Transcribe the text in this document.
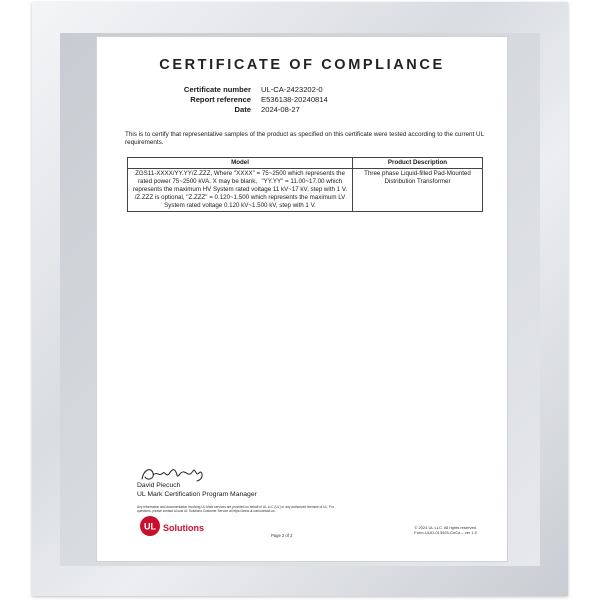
CERTIFICATE OF COMPLIANCE
Certificate number UL-CA-2423202-0
Report reference E536138-20240814
Date 2024-08-27
This is to certify that representative samples of the product as specified on this certificate were tested according to the current UL requirements.
Model	Product Description
ZGS11-XXXX/YY.YY/Z.ZZZ, Where "XXXX" = 75~2500 which represents the rated power 75~2500 kVA. X may be blank、"YY.YY" = 11.00~17.00 which represents the maximum HV System rated voltage 11 kV~17 kV, step with 1 V. /Z.ZZZ is optional, "Z.ZZZ" = 0.120~1.500 which represents the maximum LV System rated voltage 0.120 kV~1.500 kV, step with 1 V.	Three phase Liquid-filled Pad-Mounted Distribution Transformer
David Piecuch
UL Mark Certification Program Manager
Any information and documentation involving UL Mark services are provided on behalf of UL LLC (UL) or any authorized licensee of UL. For questions, please contact a local UL Solutions Customer Service at https://www.ul.com/contact-us.
UL Solutions
Page 2 of 2
© 2024 UL LLC. All rights reserved.
Form-ULID-013925-CoCa – ver 1.0
